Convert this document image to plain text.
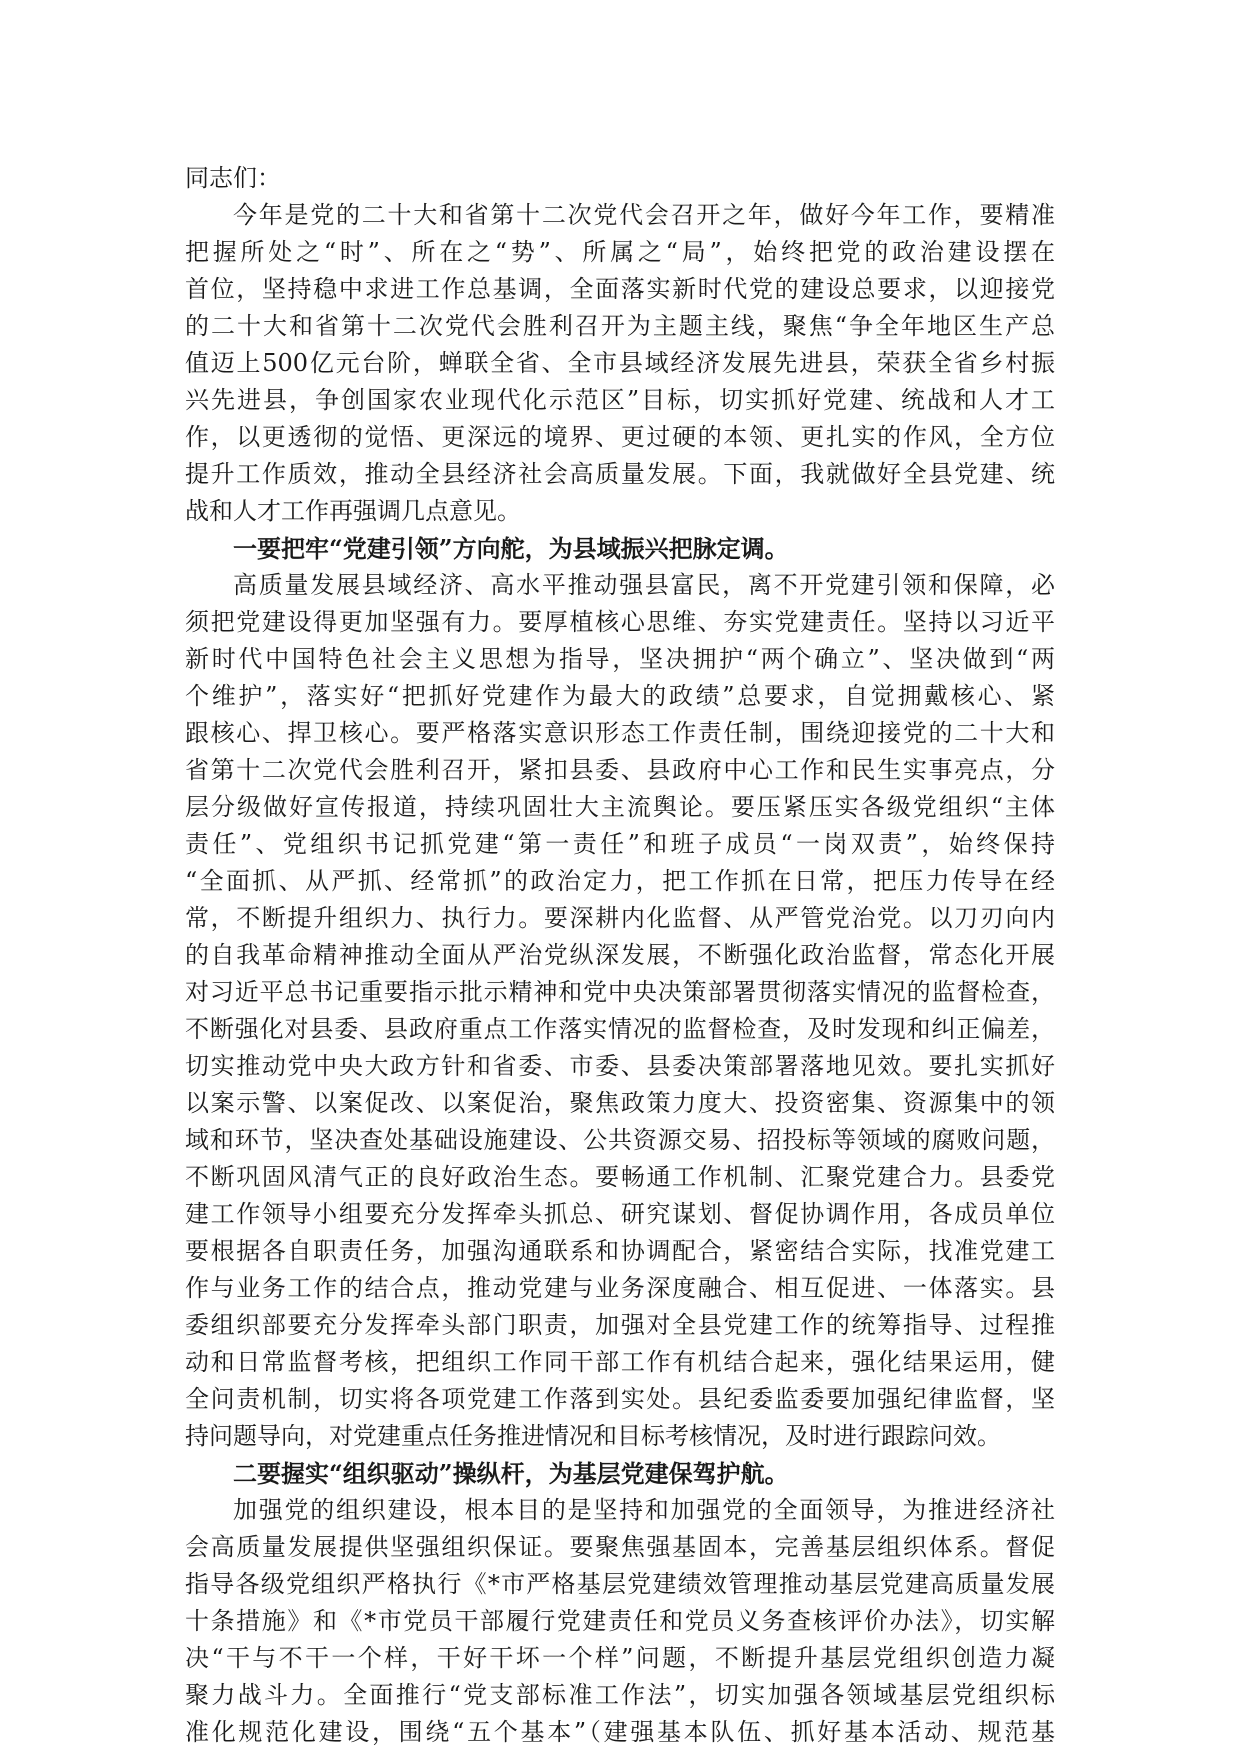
同志们：
今年是党的二十大和省第十二次党代会召开之年，做好今年工作，要精准
把握所处之“时”、所在之“势”、所属之“局”，始终把党的政治建设摆在
首位，坚持稳中求进工作总基调，全面落实新时代党的建设总要求，以迎接党
的二十大和省第十二次党代会胜利召开为主题主线，聚焦“争全年地区生产总
值迈上500亿元台阶，蝉联全省、全市县域经济发展先进县，荣获全省乡村振
兴先进县，争创国家农业现代化示范区”目标，切实抓好党建、统战和人才工
作，以更透彻的觉悟、更深远的境界、更过硬的本领、更扎实的作风，全方位
提升工作质效，推动全县经济社会高质量发展。下面，我就做好全县党建、统
战和人才工作再强调几点意见。
一要把牢“党建引领”方向舵，为县域振兴把脉定调。
高质量发展县域经济、高水平推动强县富民，离不开党建引领和保障，必
须把党建设得更加坚强有力。要厚植核心思维、夯实党建责任。坚持以习近平
新时代中国特色社会主义思想为指导，坚决拥护“两个确立”、坚决做到“两
个维护”，落实好“把抓好党建作为最大的政绩”总要求，自觉拥戴核心、紧
跟核心、捍卫核心。要严格落实意识形态工作责任制，围绕迎接党的二十大和
省第十二次党代会胜利召开，紧扣县委、县政府中心工作和民生实事亮点，分
层分级做好宣传报道，持续巩固壮大主流舆论。要压紧压实各级党组织“主体
责任”、党组织书记抓党建“第一责任”和班子成员“一岗双责”，始终保持
“全面抓、从严抓、经常抓”的政治定力，把工作抓在日常，把压力传导在经
常，不断提升组织力、执行力。要深耕内化监督、从严管党治党。以刀刃向内
的自我革命精神推动全面从严治党纵深发展，不断强化政治监督，常态化开展
对习近平总书记重要指示批示精神和党中央决策部署贯彻落实情况的监督检查，
不断强化对县委、县政府重点工作落实情况的监督检查，及时发现和纠正偏差，
切实推动党中央大政方针和省委、市委、县委决策部署落地见效。要扎实抓好
以案示警、以案促改、以案促治，聚焦政策力度大、投资密集、资源集中的领
域和环节，坚决查处基础设施建设、公共资源交易、招投标等领域的腐败问题，
不断巩固风清气正的良好政治生态。要畅通工作机制、汇聚党建合力。县委党
建工作领导小组要充分发挥牵头抓总、研究谋划、督促协调作用，各成员单位
要根据各自职责任务，加强沟通联系和协调配合，紧密结合实际，找准党建工
作与业务工作的结合点，推动党建与业务深度融合、相互促进、一体落实。县
委组织部要充分发挥牵头部门职责，加强对全县党建工作的统筹指导、过程推
动和日常监督考核，把组织工作同干部工作有机结合起来，强化结果运用，健
全问责机制，切实将各项党建工作落到实处。县纪委监委要加强纪律监督，坚
持问题导向，对党建重点任务推进情况和目标考核情况，及时进行跟踪问效。
二要握实“组织驱动”操纵杆，为基层党建保驾护航。
加强党的组织建设，根本目的是坚持和加强党的全面领导，为推进经济社
会高质量发展提供坚强组织保证。要聚焦强基固本，完善基层组织体系。督促
指导各级党组织严格执行《*市严格基层党建绩效管理推动基层党建高质量发展
十条措施》和《*市党员干部履行党建责任和党员义务查核评价办法》，切实解
决“干与不干一个样，干好干坏一个样”问题，不断提升基层党组织创造力凝
聚力战斗力。全面推行“党支部标准工作法”，切实加强各领域基层党组织标
准化规范化建设，围绕“五个基本”（建强基本队伍、抓好基本活动、规范基
